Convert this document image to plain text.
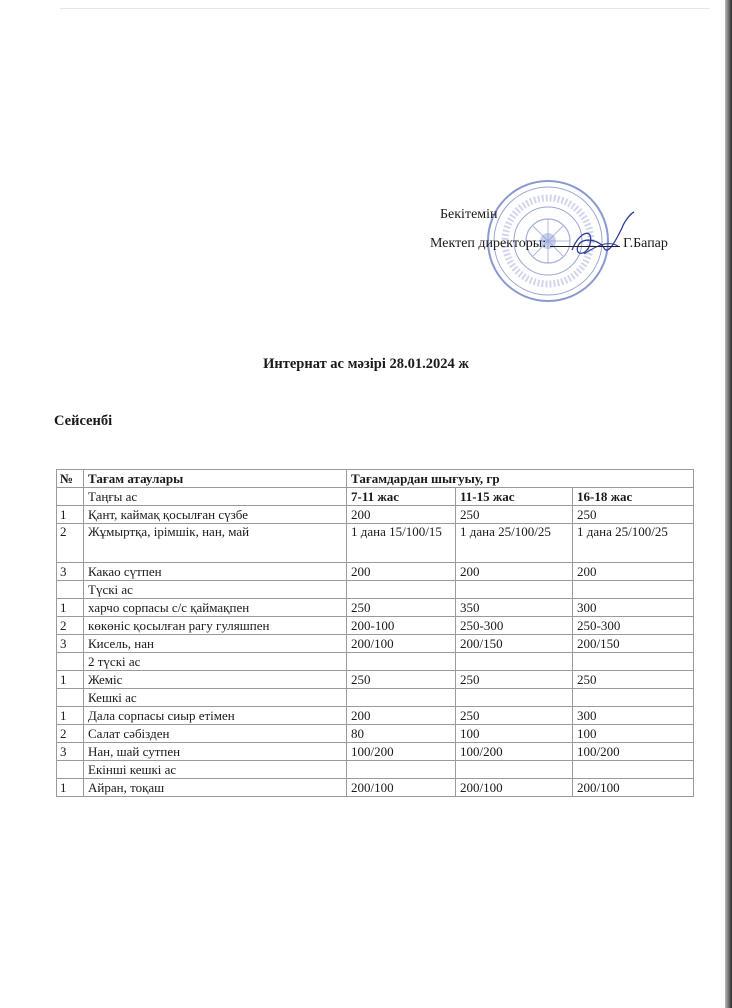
Бекітемін
Мектеп директоры:	Г.Бапар
Интернат ас мәзірі 28.01.2024 ж
Сейсенбі
№	Тағам атаулары	Тағамдардан шығуыу, гр		
	Таңғы ас	7-11 жас	11-15 жас	16-18 жас
1	Қант, каймақ қосылған сүзбе	200	250	250
2	Жұмыртқа, ірімшік, нан, май	1 дана 15/100/15	1 дана 25/100/25	1 дана 25/100/25
3	Какао сүтпен	200	200	200
	Түскі ас			
1	харчо сорпасы с/с қаймақпен	250	350	300
2	көкөніс қосылған рагу гуляшпен	200-100	250-300	250-300
3	Кисель, нан	200/100	200/150	200/150
	2 түскі ас			
1	Жеміс	250	250	250
	Кешкі ас			
1	Дала сорпасы сиыр етімен	200	250	300
2	Салат сәбізден	80	100	100
3	Нан, шай сутпен	100/200	100/200	100/200
	Екінші кешкі ас			
1	Айран, тоқаш	200/100	200/100	200/100
